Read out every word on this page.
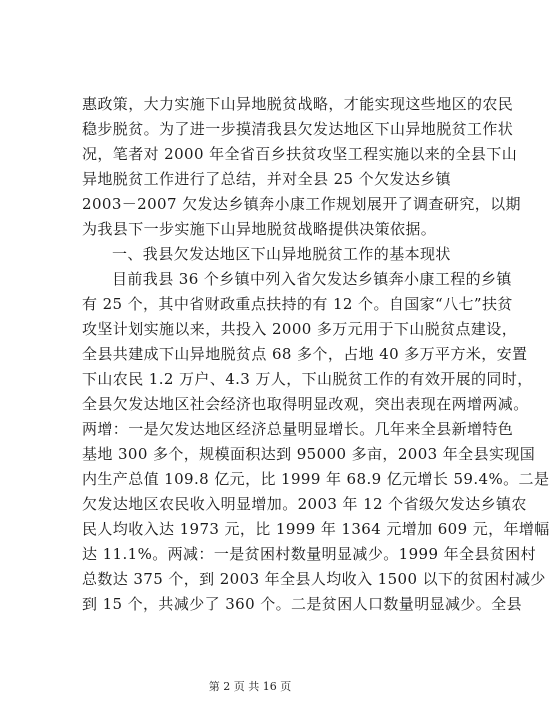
惠政策，大力实施下山异地脱贫战略，才能实现这些地区的农民
稳步脱贫。为了进一步摸清我县欠发达地区下山异地脱贫工作状
况，笔者对 2000 年全省百乡扶贫攻坚工程实施以来的全县下山
异地脱贫工作进行了总结，并对全县 25 个欠发达乡镇
2003－2007 欠发达乡镇奔小康工作规划展开了调查研究，以期
为我县下一步实施下山异地脱贫战略提供决策依据。
一、我县欠发达地区下山异地脱贫工作的基本现状
目前我县 36 个乡镇中列入省欠发达乡镇奔小康工程的乡镇
有 25 个，其中省财政重点扶持的有 12 个。自国家“八七”扶贫
攻坚计划实施以来，共投入 2000 多万元用于下山脱贫点建设，
全县共建成下山异地脱贫点 68 多个，占地 40 多万平方米，安置
下山农民 1.2 万户、4.3 万人，下山脱贫工作的有效开展的同时，
全县欠发达地区社会经济也取得明显改观，突出表现在两增两减。
两增：一是欠发达地区经济总量明显增长。几年来全县新增特色
基地 300 多个，规模面积达到 95000 多亩，2003 年全县实现国
内生产总值 109.8 亿元，比 1999 年 68.9 亿元增长 59.4%。二是
欠发达地区农民收入明显增加。2003 年 12 个省级欠发达乡镇农
民人均收入达 1973 元，比 1999 年 1364 元增加 609 元，年增幅
达 11.1%。两减：一是贫困村数量明显减少。1999 年全县贫困村
总数达 375 个，到 2003 年全县人均收入 1500 以下的贫困村减少
到 15 个，共减少了 360 个。二是贫困人口数量明显减少。全县
第 2 页 共 16 页
